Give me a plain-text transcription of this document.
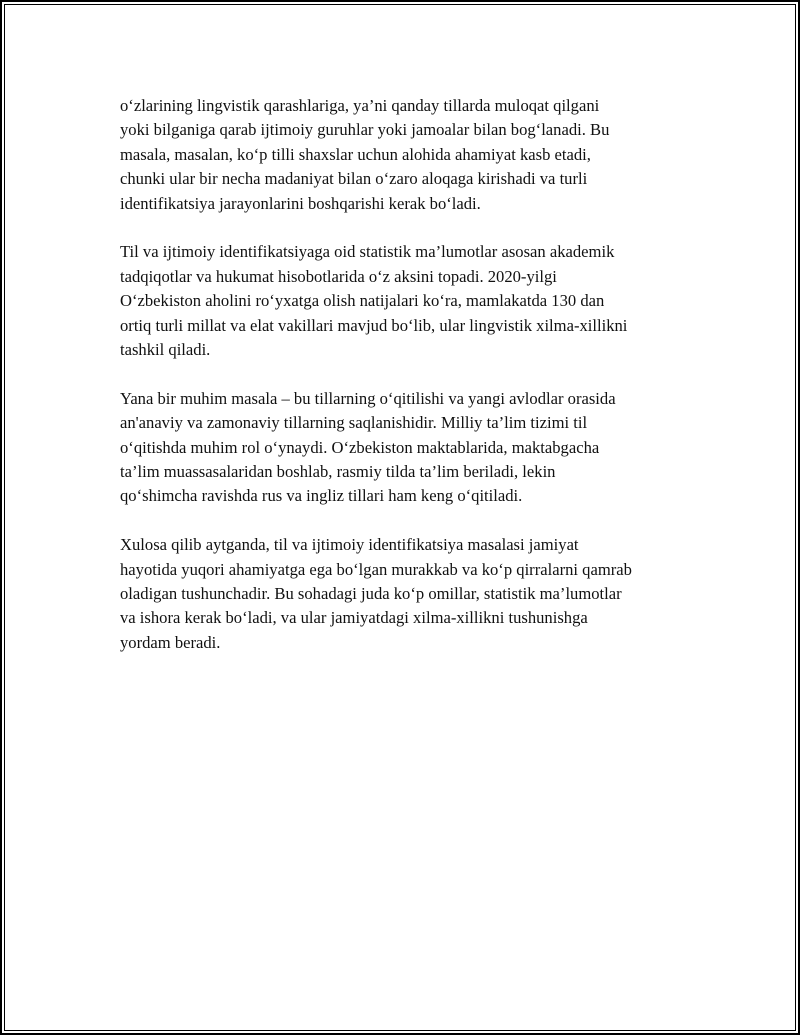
o‘zlarining lingvistik qarashlariga, ya’ni qanday tillarda muloqat qilgani
yoki bilganiga qarab ijtimoiy guruhlar yoki jamoalar bilan bog‘lanadi. Bu
masala, masalan, ko‘p tilli shaxslar uchun alohida ahamiyat kasb etadi,
chunki ular bir necha madaniyat bilan o‘zaro aloqaga kirishadi va turli
identifikatsiya jarayonlarini boshqarishi kerak bo‘ladi.

Til va ijtimoiy identifikatsiyaga oid statistik ma’lumotlar asosan akademik
tadqiqotlar va hukumat hisobotlarida o‘z aksini topadi. 2020-yilgi
O‘zbekiston aholini ro‘yxatga olish natijalari ko‘ra, mamlakatda 130 dan
ortiq turli millat va elat vakillari mavjud bo‘lib, ular lingvistik xilma-xillikni
tashkil qiladi.

Yana bir muhim masala – bu tillarning o‘qitilishi va yangi avlodlar orasida
an'anaviy va zamonaviy tillarning saqlanishidir. Milliy ta’lim tizimi til
o‘qitishda muhim rol o‘ynaydi. O‘zbekiston maktablarida, maktabgacha
ta’lim muassasalaridan boshlab, rasmiy tilda ta’lim beriladi, lekin
qo‘shimcha ravishda rus va ingliz tillari ham keng o‘qitiladi.

Xulosa qilib aytganda, til va ijtimoiy identifikatsiya masalasi jamiyat
hayotida yuqori ahamiyatga ega bo‘lgan murakkab va ko‘p qirralarni qamrab
oladigan tushunchadir. Bu sohadagi juda ko‘p omillar, statistik ma’lumotlar
va ishora kerak bo‘ladi, va ular jamiyatdagi xilma-xillikni tushunishga
yordam beradi.
